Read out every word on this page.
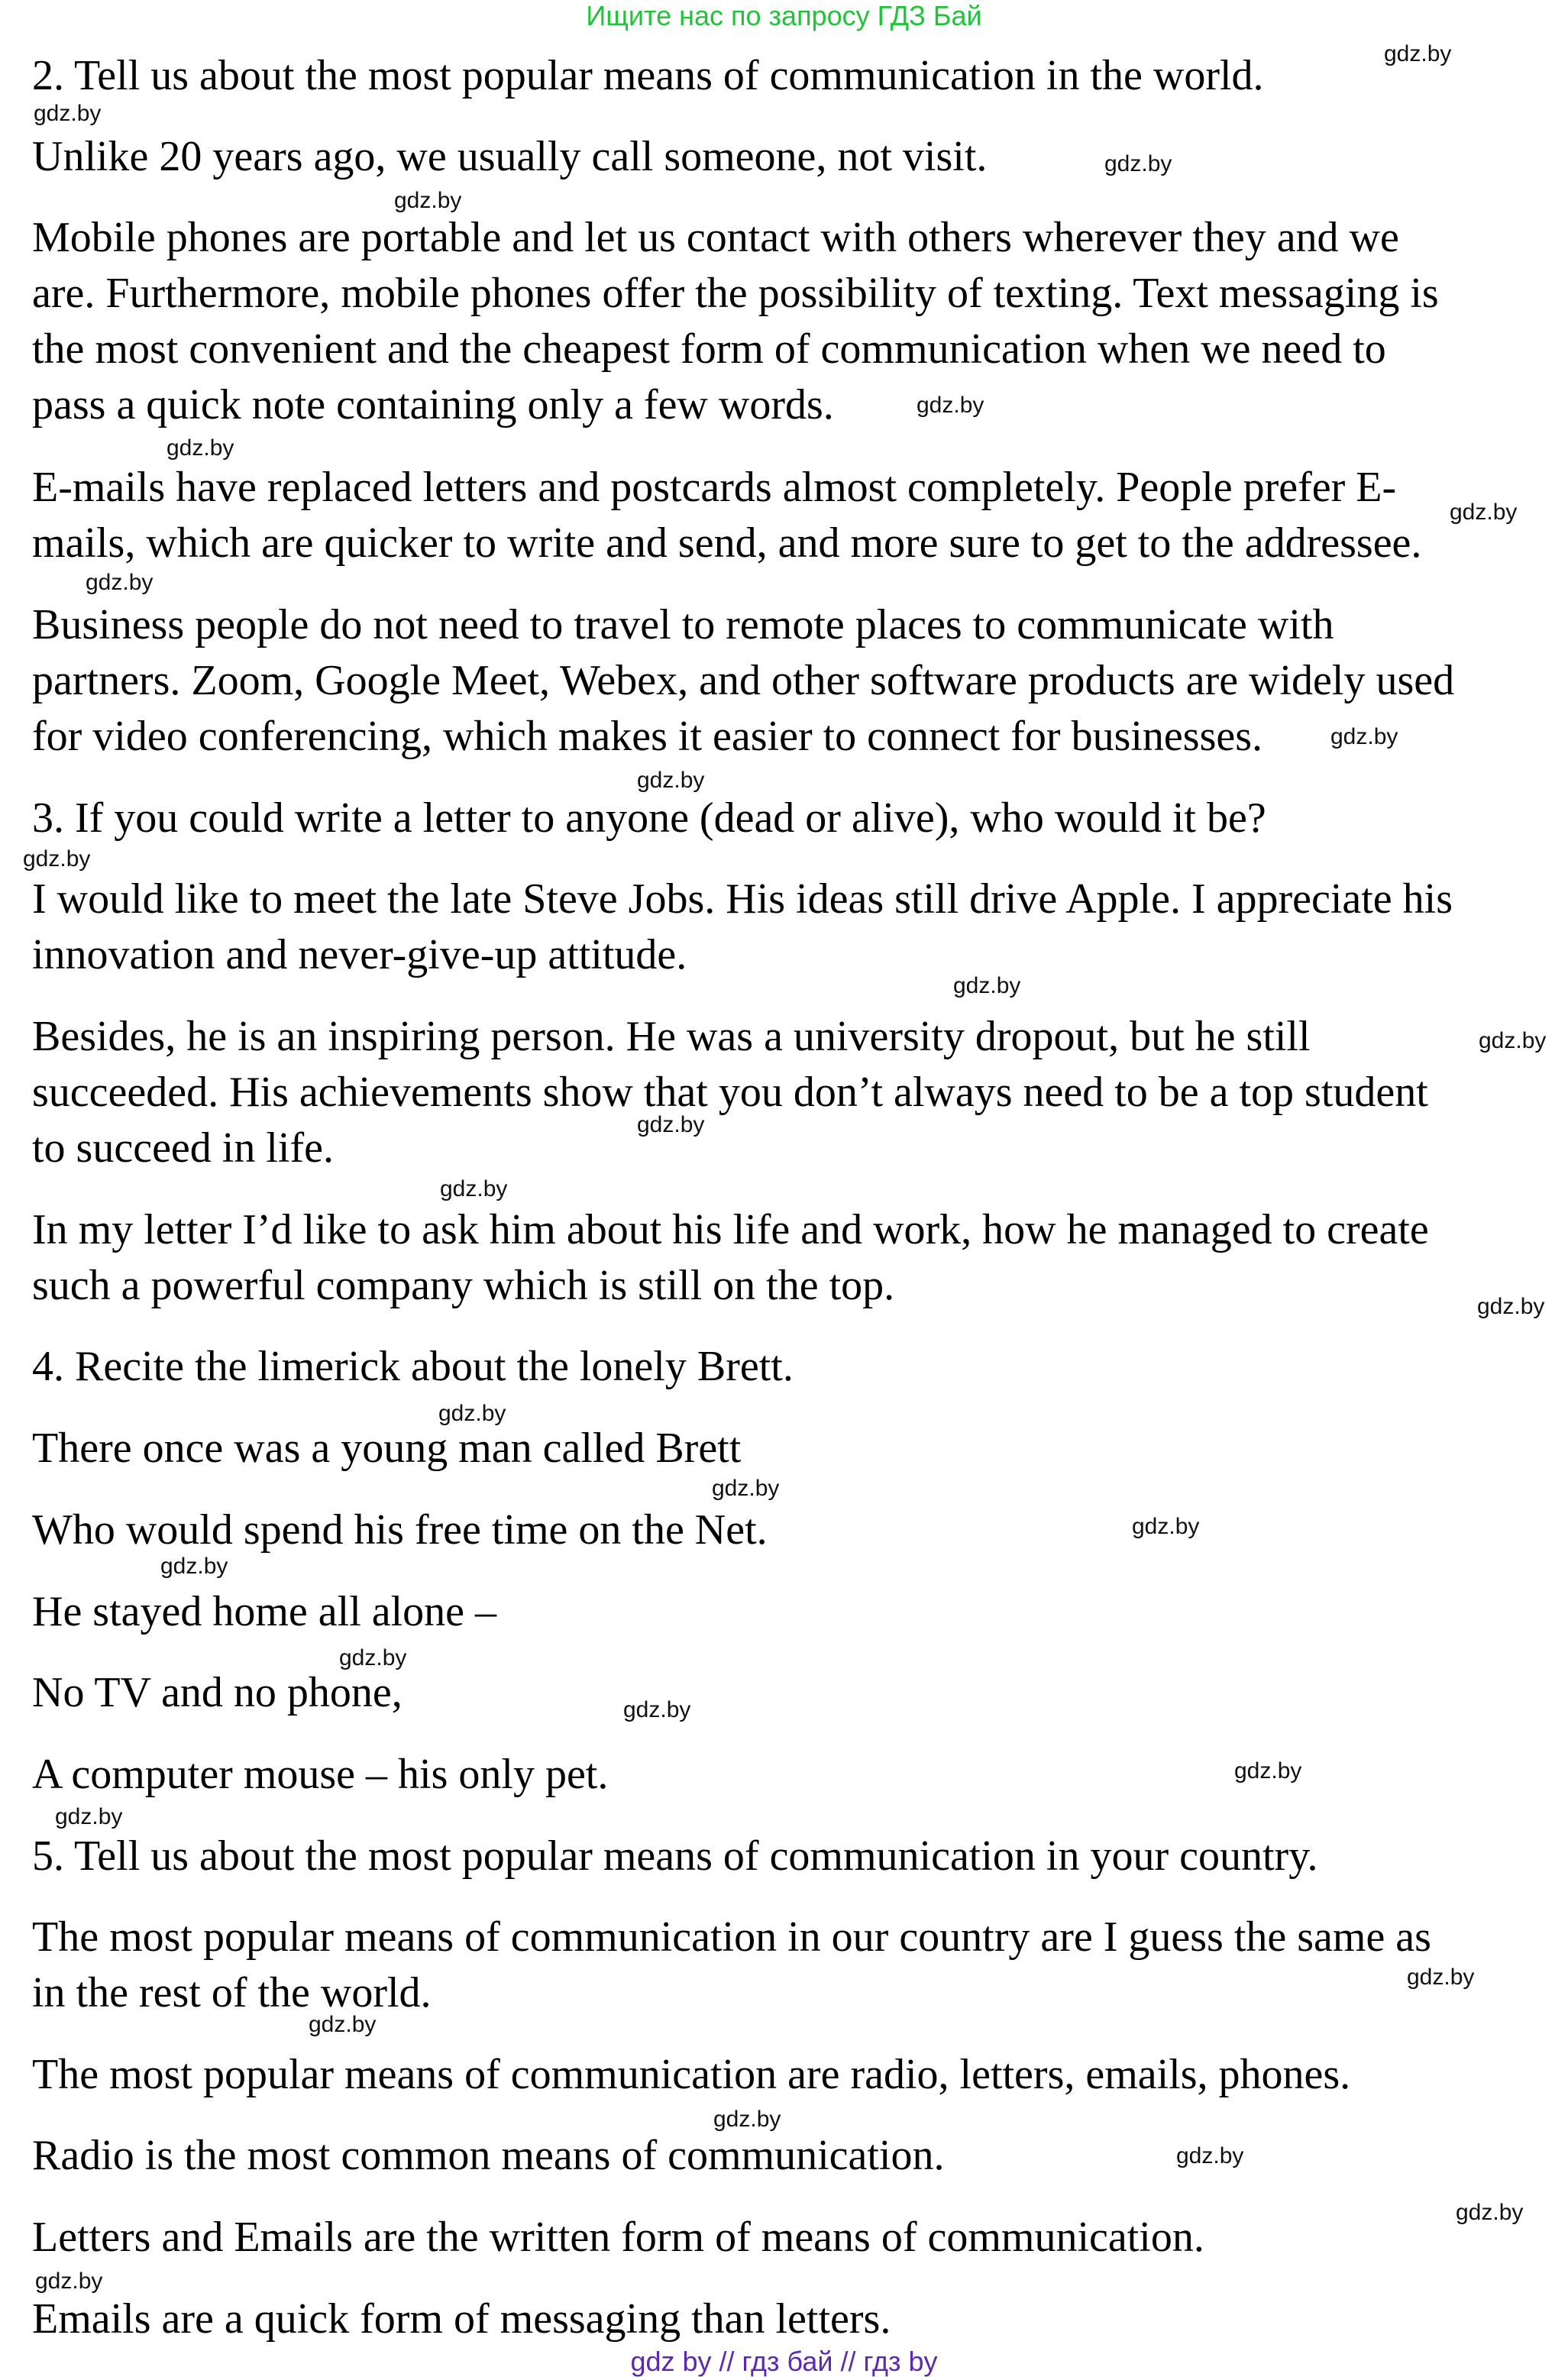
Ищите нас по запросу ГДЗ Бай
2. Tell us about the most popular means of communication in the world.
Unlike 20 years ago, we usually call someone, not visit.
Mobile phones are portable and let us contact with others wherever they and we
are. Furthermore, mobile phones offer the possibility of texting. Text messaging is
the most convenient and the cheapest form of communication when we need to
pass a quick note containing only a few words.
E-mails have replaced letters and postcards almost completely. People prefer E-
mails, which are quicker to write and send, and more sure to get to the addressee.
Business people do not need to travel to remote places to communicate with
partners. Zoom, Google Meet, Webex, and other software products are widely used
for video conferencing, which makes it easier to connect for businesses.
3. If you could write a letter to anyone (dead or alive), who would it be?
I would like to meet the late Steve Jobs. His ideas still drive Apple. I appreciate his
innovation and never-give-up attitude.
Besides, he is an inspiring person. He was a university dropout, but he still
succeeded. His achievements show that you don’t always need to be a top student
to succeed in life.
In my letter I’d like to ask him about his life and work, how he managed to create
such a powerful company which is still on the top.
4. Recite the limerick about the lonely Brett.
There once was a young man called Brett
Who would spend his free time on the Net.
He stayed home all alone –
No TV and no phone,
A computer mouse – his only pet.
5. Tell us about the most popular means of communication in your country.
The most popular means of communication in our country are I guess the same as
in the rest of the world.
The most popular means of communication are radio, letters, emails, phones.
Radio is the most common means of communication.
Letters and Emails are the written form of means of communication.
Emails are a quick form of messaging than letters.
gdz.by
gdz.by
gdz.by
gdz.by
gdz.by
gdz.by
gdz.by
gdz.by
gdz.by
gdz.by
gdz.by
gdz.by
gdz.by
gdz.by
gdz.by
gdz.by
gdz.by
gdz.by
gdz.by
gdz.by
gdz.by
gdz.by
gdz.by
gdz.by
gdz.by
gdz.by
gdz.by
gdz.by
gdz.by
gdz.by
gdz by // гдз бай // гдз by
